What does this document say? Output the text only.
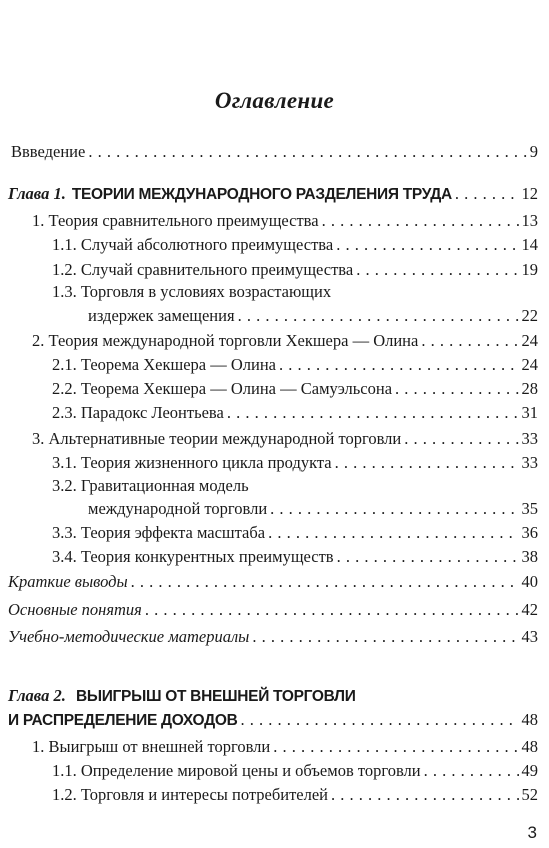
Оглавление
Ввведение . . .	9
Глава 1. ТЕОРИИ МЕЖДУНАРОДНОГО РАЗДЕЛЕНИЯ ТРУДА . . .	12
1. Теория сравнительного преимущества . . .	13
1.1. Случай абсолютного преимущества . . .	14
1.2. Случай сравнительного преимущества . . .	19
1.3. Торговля в условиях возрастающих
издержек замещения . . .	22
2. Теория международной торговли Хекшера — Олина . . .	24
2.1. Теорема Хекшера — Олина . . .	24
2.2. Теорема Хекшера — Олина — Самуэльсона . . .	28
2.3. Парадокс Леонтьева . . .	31
3. Альтернативные теории международной торговли . . .	33
3.1. Теория жизненного цикла продукта . . .	33
3.2. Гравитационная модель
международной торговли . . .	35
3.3. Теория эффекта масштаба . . .	36
3.4. Теория конкурентных преимуществ . . .	38
Краткие выводы . . .	40
Основные понятия . . .	42
Учебно-методические материалы . . .	43
Глава 2. ВЫИГРЫШ ОТ ВНЕШНЕЙ ТОРГОВЛИ
И РАСПРЕДЕЛЕНИЕ ДОХОДОВ . . .	48
1. Выигрыш от внешней торговли . . .	48
1.1. Определение мировой цены и объемов торговли . . .	49
1.2. Торговля и интересы потребителей . . .	52
3
